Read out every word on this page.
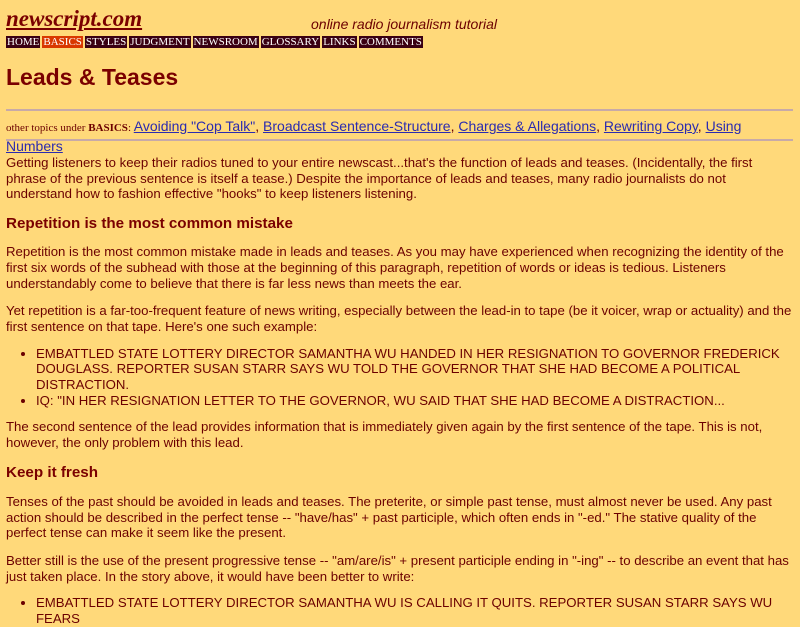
newscript.com	online radio journalism tutorial
HOME BASICS STYLES JUDGMENT NEWSROOM GLOSSARY LINKS COMMENTS
Leads & Teases
other topics under BASICS: Avoiding "Cop Talk", Broadcast Sentence-Structure, Charges & Allegations, Rewriting Copy, Using Numbers

Getting listeners to keep their radios tuned to your entire newscast...that's the function of leads and teases. (Incidentally, the first phrase of the previous sentence is itself a tease.) Despite the importance of leads and teases, many radio journalists do not understand how to fashion effective "hooks" to keep listeners listening.

Repetition is the most common mistake

Repetition is the most common mistake made in leads and teases. As you may have experienced when recognizing the identity of the first six words of the subhead with those at the beginning of this paragraph, repetition of words or ideas is tedious. Listeners understandably come to believe that there is far less news than meets the ear.

Yet repetition is a far-too-frequent feature of news writing, especially between the lead-in to tape (be it voicer, wrap or actuality) and the first sentence on that tape. Here's one such example:

• EMBATTLED STATE LOTTERY DIRECTOR SAMANTHA WU HANDED IN HER RESIGNATION TO GOVERNOR FREDERICK DOUGLASS. REPORTER SUSAN STARR SAYS WU TOLD THE GOVERNOR THAT SHE HAD BECOME A POLITICAL DISTRACTION.
• IQ: "IN HER RESIGNATION LETTER TO THE GOVERNOR, WU SAID THAT SHE HAD BECOME A DISTRACTION...

The second sentence of the lead provides information that is immediately given again by the first sentence of the tape. This is not, however, the only problem with this lead.

Keep it fresh

Tenses of the past should be avoided in leads and teases. The preterite, or simple past tense, must almost never be used. Any past action should be described in the perfect tense -- "have/has" + past participle, which often ends in "-ed." The stative quality of the perfect tense can make it seem like the present.

Better still is the use of the present progressive tense -- "am/are/is" + present participle ending in "-ing" -- to describe an event that has just taken place. In the story above, it would have been better to write:

• EMBATTLED STATE LOTTERY DIRECTOR SAMANTHA WU IS CALLING IT QUITS. REPORTER SUSAN STARR SAYS WU FEARS
